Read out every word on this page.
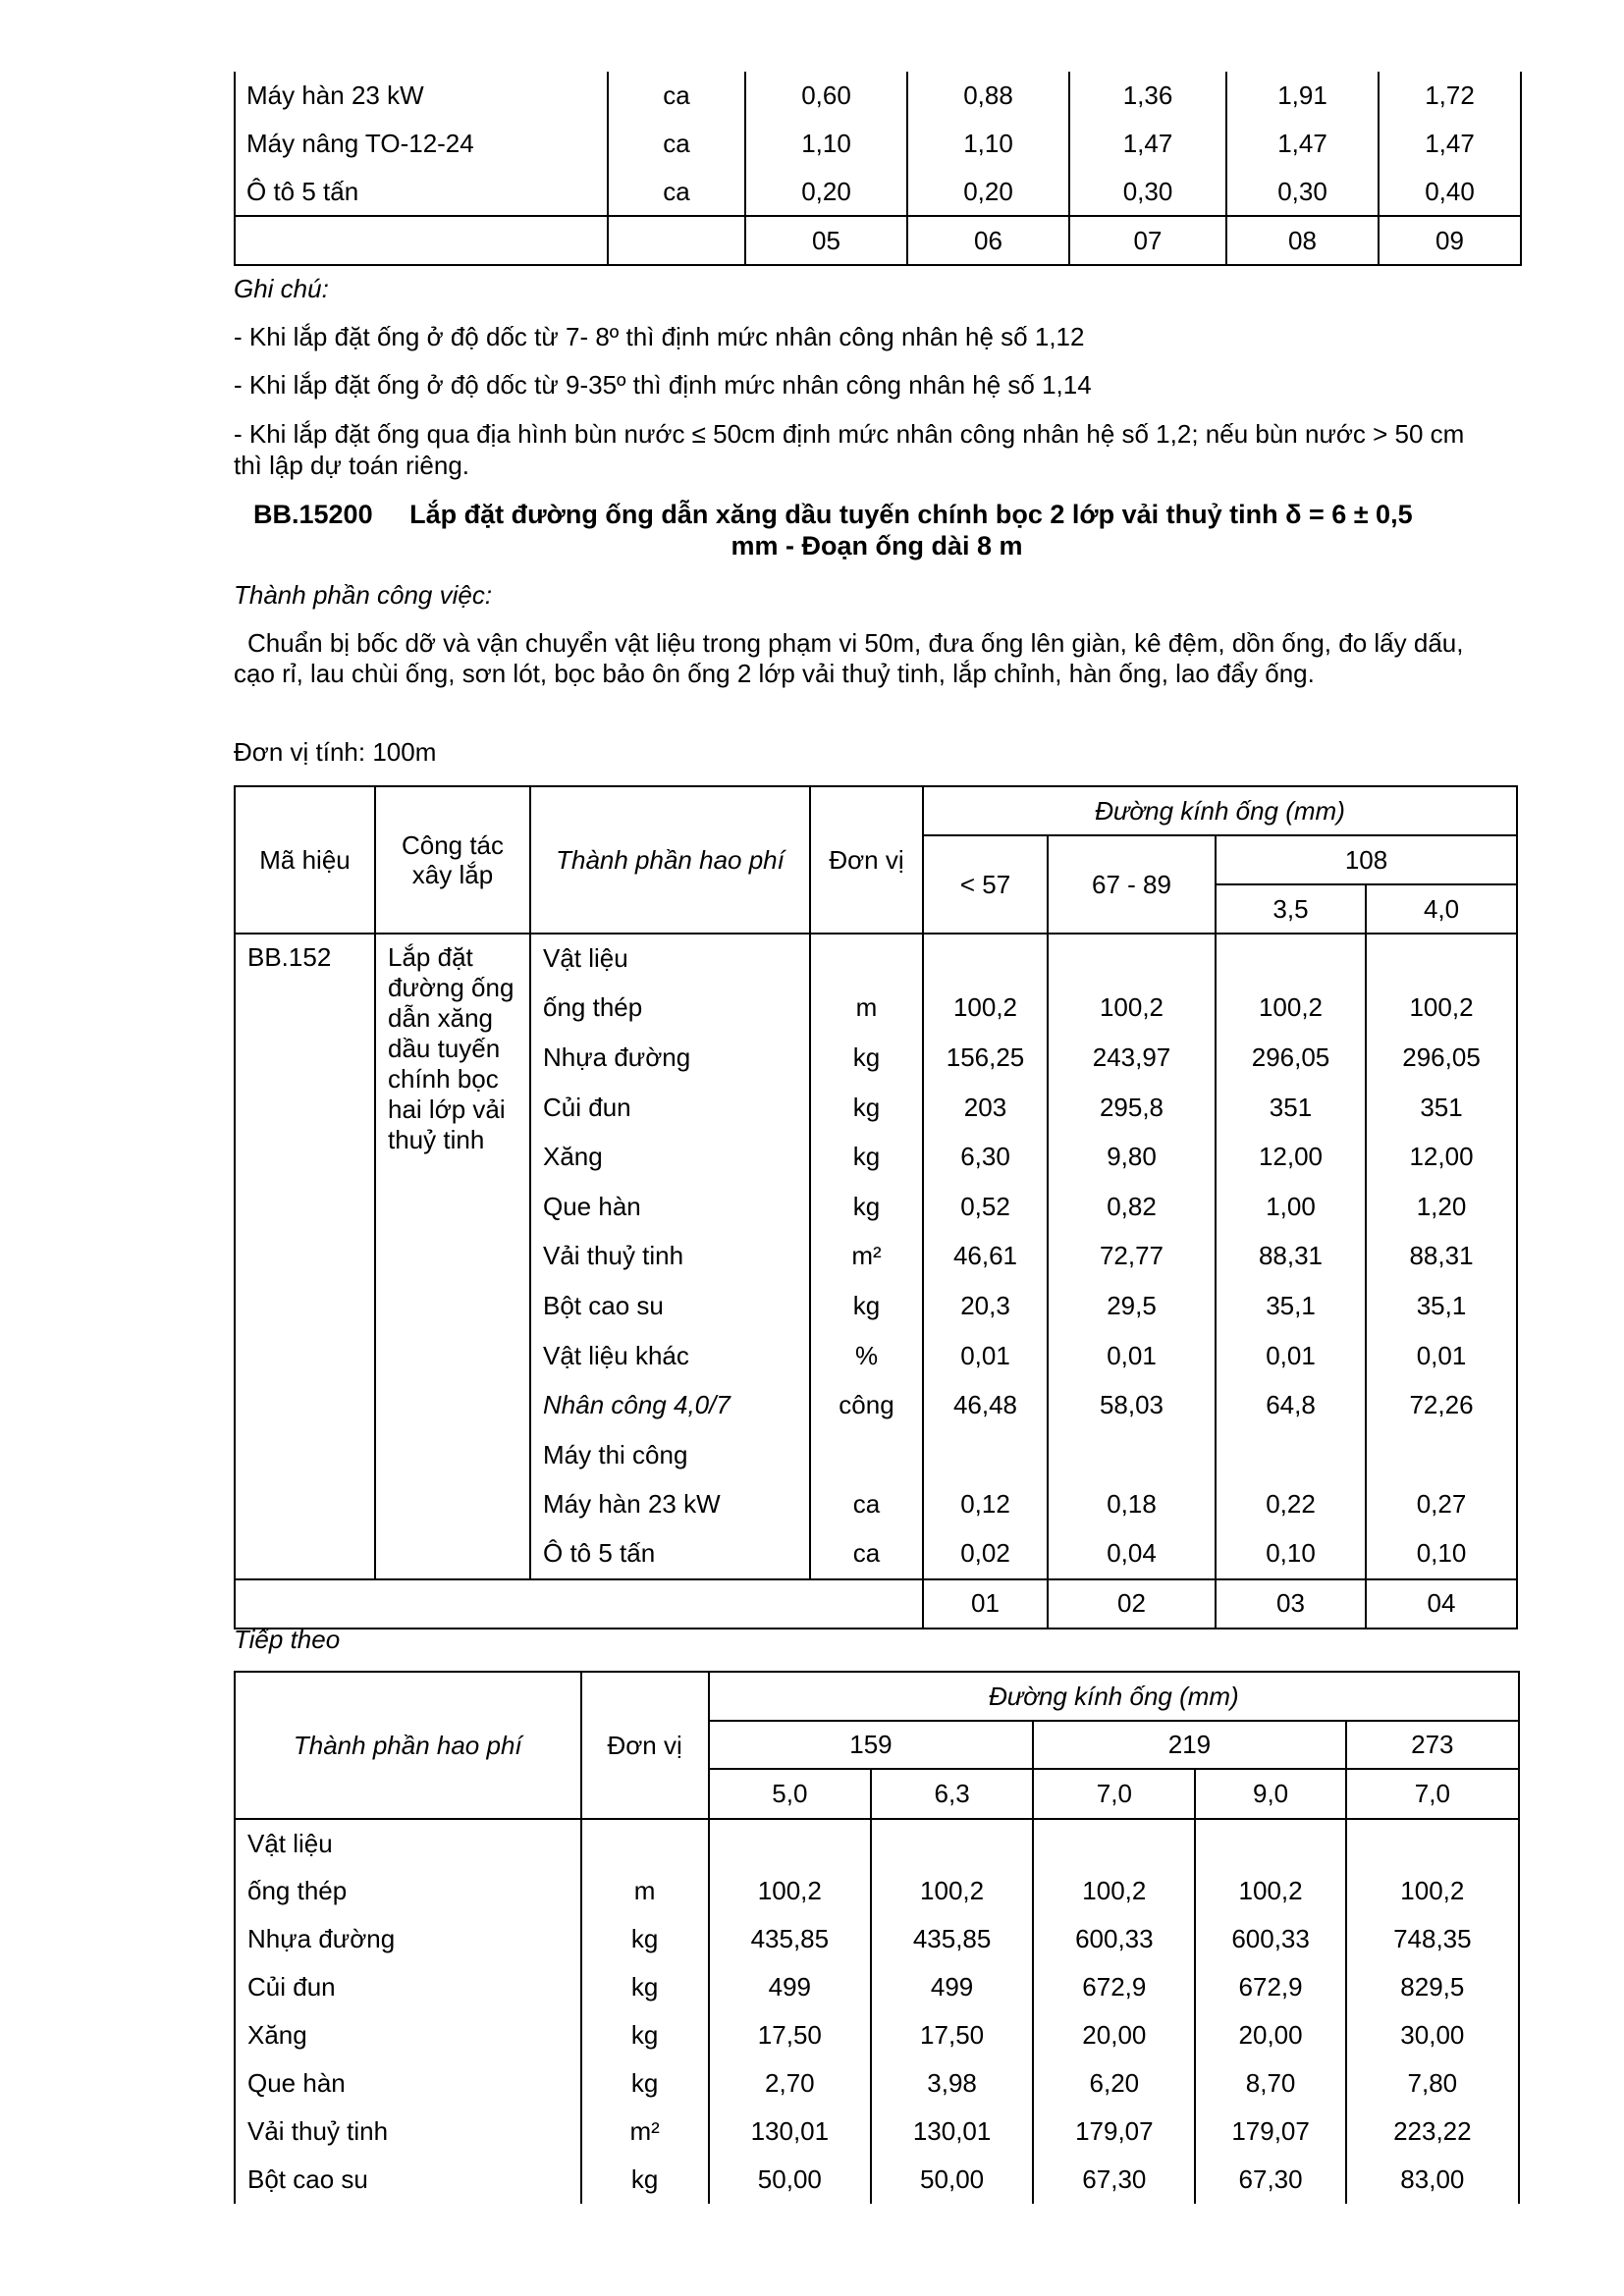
Máy hàn 23 kW	ca	0,60	0,88	1,36	1,91	1,72
Máy nâng TO-12-24	ca	1,10	1,10	1,47	1,47	1,47
Ô tô 5 tấn	ca	0,20	0,20	0,30	0,30	0,40
		05	06	07	08	09
Ghi chú:
- Khi lắp đặt ống ở độ dốc từ 7- 8º thì định mức nhân công nhân hệ số 1,12
- Khi lắp đặt ống ở độ dốc từ 9-35º thì định mức nhân công nhân hệ số 1,14
- Khi lắp đặt ống qua địa hình bùn nước ≤ 50cm định mức nhân công nhân hệ số 1,2; nếu bùn nước > 50 cm thì lập dự toán riêng.
BB.15200 Lắp đặt đường ống dẫn xăng dầu tuyến chính bọc 2 lớp vải thuỷ tinh δ = 6 ± 0,5
mm - Đoạn ống dài 8 m
Thành phần công việc:
Chuẩn bị bốc dỡ và vận chuyển vật liệu trong phạm vi 50m, đưa ống lên giàn, kê đệm, dồn ống, đo lấy dấu, cạo rỉ, lau chùi ống, sơn lót, bọc bảo ôn ống 2 lớp vải thuỷ tinh, lắp chỉnh, hàn ống, lao đẩy ống.
Đơn vị tính: 100m
Mã hiệu	Công tác xây lắp	Thành phần hao phí	Đơn vị	Đường kính ống (mm)			
				< 57	67 - 89	108	
						3,5	4,0
BB.152	Lắp đặt đường ống dẫn xăng dầu tuyến chính bọc hai lớp vải thuỷ tinh	Vật liệu					
		ống thép	m	100,2	100,2	100,2	100,2
		Nhựa đường	kg	156,25	243,97	296,05	296,05
		Củi đun	kg	203	295,8	351	351
		Xăng	kg	6,30	9,80	12,00	12,00
		Que hàn	kg	0,52	0,82	1,00	1,20
		Vải thuỷ tinh	m²	46,61	72,77	88,31	88,31
		Bột cao su	kg	20,3	29,5	35,1	35,1
		Vật liệu khác	%	0,01	0,01	0,01	0,01
		Nhân công 4,0/7	công	46,48	58,03	64,8	72,26
		Máy thi công					
		Máy hàn 23 kW	ca	0,12	0,18	0,22	0,27
		Ô tô 5 tấn	ca	0,02	0,04	0,10	0,10
				01	02	03	04
Tiếp theo
Thành phần hao phí	Đơn vị	Đường kính ống (mm)				
		159		219		273
		5,0	6,3	7,0	9,0	7,0
Vật liệu						
ống thép	m	100,2	100,2	100,2	100,2	100,2
Nhựa đường	kg	435,85	435,85	600,33	600,33	748,35
Củi đun	kg	499	499	672,9	672,9	829,5
Xăng	kg	17,50	17,50	20,00	20,00	30,00
Que hàn	kg	2,70	3,98	6,20	8,70	7,80
Vải thuỷ tinh	m²	130,01	130,01	179,07	179,07	223,22
Bột cao su	kg	50,00	50,00	67,30	67,30	83,00
